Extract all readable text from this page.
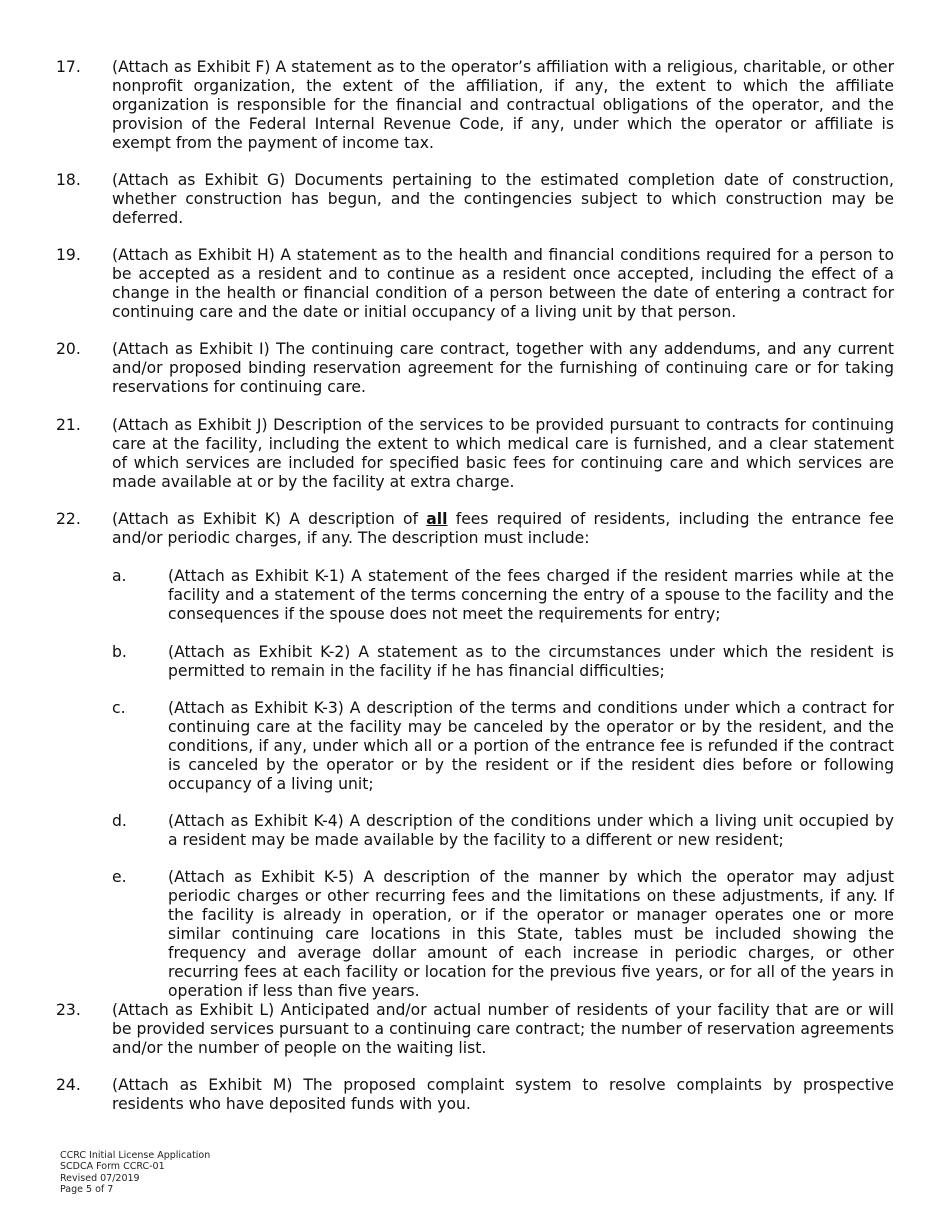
17. (Attach as Exhibit F) A statement as to the operator’s affiliation with a religious, charitable, or other nonprofit organization, the extent of the affiliation, if any, the extent to which the affiliate organization is responsible for the financial and contractual obligations of the operator, and the provision of the Federal Internal Revenue Code, if any, under which the operator or affiliate is exempt from the payment of income tax.
18. (Attach as Exhibit G) Documents pertaining to the estimated completion date of construction, whether construction has begun, and the contingencies subject to which construction may be deferred.
19. (Attach as Exhibit H) A statement as to the health and financial conditions required for a person to be accepted as a resident and to continue as a resident once accepted, including the effect of a change in the health or financial condition of a person between the date of entering a contract for continuing care and the date or initial occupancy of a living unit by that person.
20. (Attach as Exhibit I) The continuing care contract, together with any addendums, and any current and/or proposed binding reservation agreement for the furnishing of continuing care or for taking reservations for continuing care.
21. (Attach as Exhibit J) Description of the services to be provided pursuant to contracts for continuing care at the facility, including the extent to which medical care is furnished, and a clear statement of which services are included for specified basic fees for continuing care and which services are made available at or by the facility at extra charge.
22. (Attach as Exhibit K) A description of all fees required of residents, including the entrance fee and/or periodic charges, if any. The description must include:
a.	(Attach as Exhibit K-1) A statement of the fees charged if the resident marries while at the facility and a statement of the terms concerning the entry of a spouse to the facility and the consequences if the spouse does not meet the requirements for entry;
b.	(Attach as Exhibit K-2) A statement as to the circumstances under which the resident is permitted to remain in the facility if he has financial difficulties;
c.	(Attach as Exhibit K-3) A description of the terms and conditions under which a contract for continuing care at the facility may be canceled by the operator or by the resident, and the conditions, if any, under which all or a portion of the entrance fee is refunded if the contract is canceled by the operator or by the resident or if the resident dies before or following occupancy of a living unit;
d.	(Attach as Exhibit K-4) A description of the conditions under which a living unit occupied by a resident may be made available by the facility to a different or new resident;
e.	(Attach as Exhibit K-5) A description of the manner by which the operator may adjust periodic charges or other recurring fees and the limitations on these adjustments, if any. If the facility is already in operation, or if the operator or manager operates one or more similar continuing care locations in this State, tables must be included showing the frequency and average dollar amount of each increase in periodic charges, or other recurring fees at each facility or location for the previous five years, or for all of the years in operation if less than five years.
23. (Attach as Exhibit L) Anticipated and/or actual number of residents of your facility that are or will be provided services pursuant to a continuing care contract; the number of reservation agreements and/or the number of people on the waiting list.
24. (Attach as Exhibit M) The proposed complaint system to resolve complaints by prospective residents who have deposited funds with you.
CCRC Initial License Application
SCDCA Form CCRC-01
Revised 07/2019
Page 5 of 7
